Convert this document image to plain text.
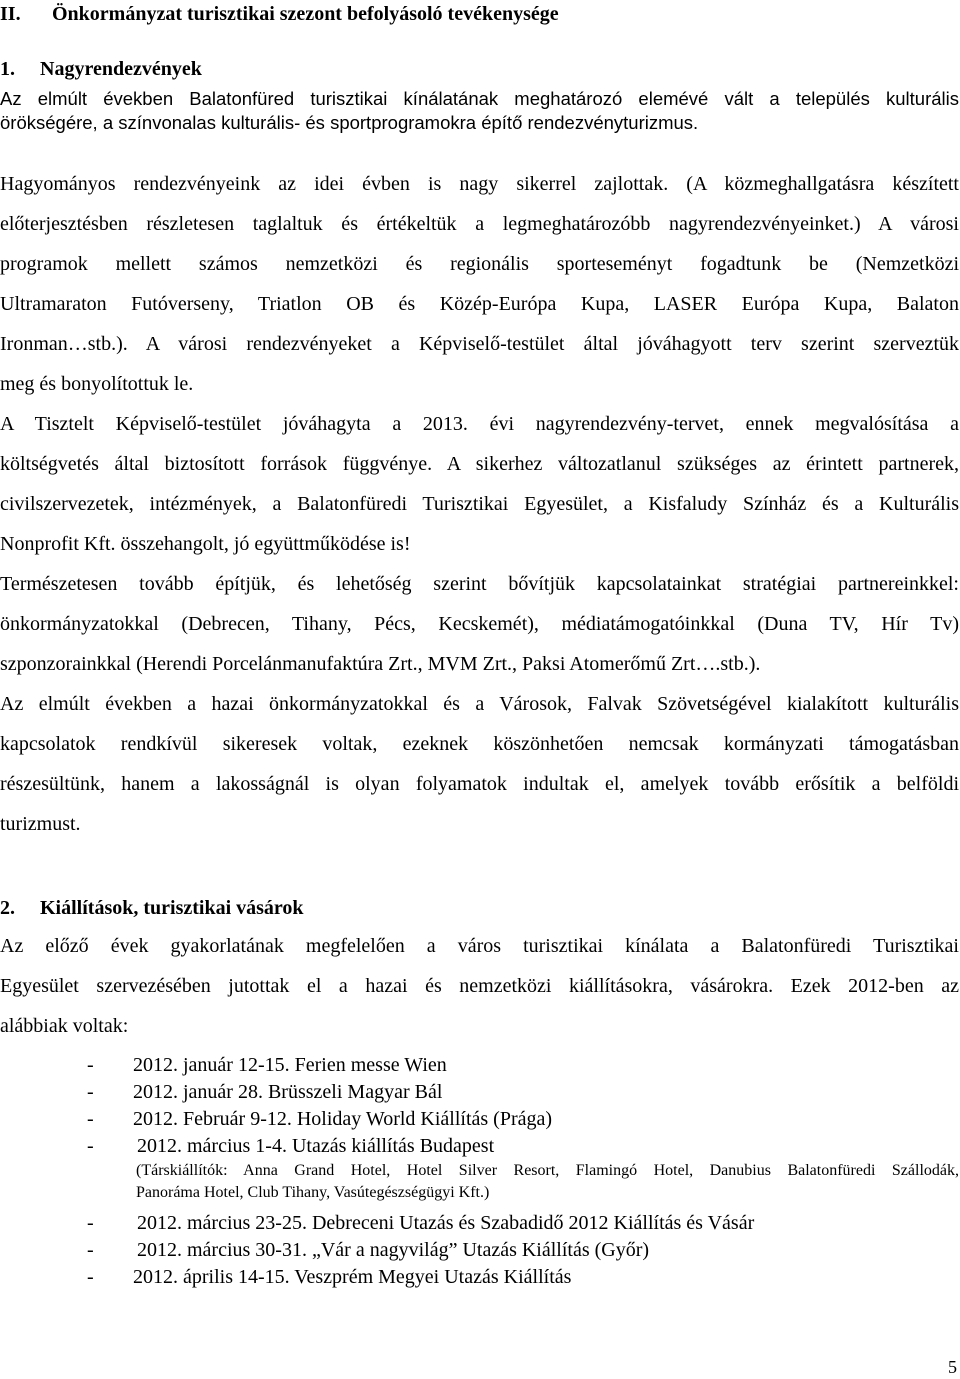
II. Önkormányzat turisztikai szezont befolyásoló tevékenysége
1. Nagyrendezvények
Az elmúlt években Balatonfüred turisztikai kínálatának meghatározó elemévé vált a település kulturális
örökségére, a színvonalas kulturális- és sportprogramokra építő rendezvényturizmus.
Hagyományos rendezvényeink az idei évben is nagy sikerrel zajlottak. (A közmeghallgatásra készített
előterjesztésben részletesen taglaltuk és értékeltük a legmeghatározóbb nagyrendezvényeinket.) A városi
programok mellett számos nemzetközi és regionális sporteseményt fogadtunk be (Nemzetközi
Ultramaraton Futóverseny, Triatlon OB és Közép-Európa Kupa, LASER Európa Kupa, Balaton
Ironman…stb.). A városi rendezvényeket a Képviselő-testület által jóváhagyott terv szerint szerveztük
meg és bonyolítottuk le.
A Tisztelt Képviselő-testület jóváhagyta a 2013. évi nagyrendezvény-tervet, ennek megvalósítása a
költségvetés által biztosított források függvénye. A sikerhez változatlanul szükséges az érintett partnerek,
civilszervezetek, intézmények, a Balatonfüredi Turisztikai Egyesület, a Kisfaludy Színház és a Kulturális
Nonprofit Kft. összehangolt, jó együttműködése is!
Természetesen tovább építjük, és lehetőség szerint bővítjük kapcsolatainkat stratégiai partnereinkkel:
önkormányzatokkal (Debrecen, Tihany, Pécs, Kecskemét), médiatámogatóinkkal (Duna TV, Hír Tv)
szponzorainkkal (Herendi Porcelánmanufaktúra Zrt., MVM Zrt., Paksi Atomerőmű Zrt….stb.).
Az elmúlt években a hazai önkormányzatokkal és a Városok, Falvak Szövetségével kialakított kulturális
kapcsolatok rendkívül sikeresek voltak, ezeknek köszönhetően nemcsak kormányzati támogatásban
részesültünk, hanem a lakosságnál is olyan folyamatok indultak el, amelyek tovább erősítik a belföldi
turizmust.
2. Kiállítások, turisztikai vásárok
Az előző évek gyakorlatának megfelelően a város turisztikai kínálata a Balatonfüredi Turisztikai
Egyesület szervezésében jutottak el a hazai és nemzetközi kiállításokra, vásárokra. Ezek 2012-ben az
alábbiak voltak:
- 2012. január 12-15. Ferien messe Wien
- 2012. január 28. Brüsszeli Magyar Bál
- 2012. Február 9-12. Holiday World Kiállítás (Prága)
- 2012. március 1-4. Utazás kiállítás Budapest
(Társkiállítók: Anna Grand Hotel, Hotel Silver Resort, Flamingó Hotel, Danubius Balatonfüredi Szállodák,
Panoráma Hotel, Club Tihany, Vasútegészségügyi Kft.)
- 2012. március 23-25. Debreceni Utazás és Szabadidő 2012 Kiállítás és Vásár
- 2012. március 30-31. „Vár a nagyvilág” Utazás Kiállítás (Győr)
- 2012. április 14-15. Veszprém Megyei Utazás Kiállítás
5
